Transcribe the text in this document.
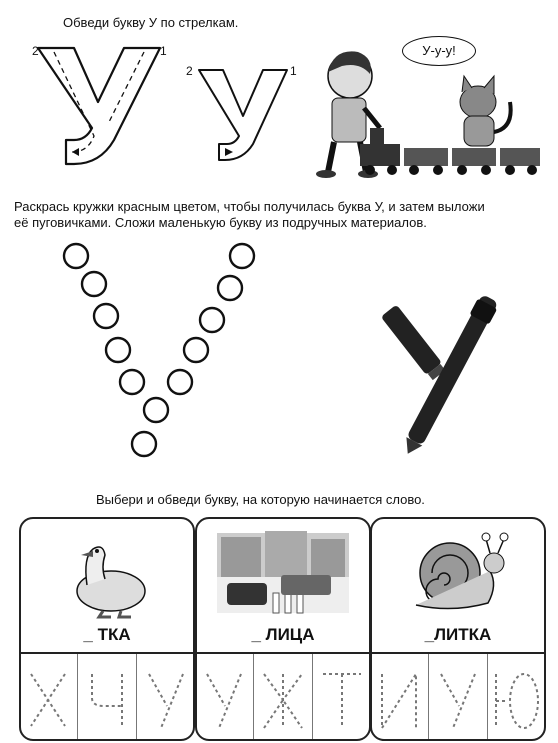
Обведи букву У по стрелкам.
2	1
2	1
У-у-у!
Раскрась кружки красным цветом, чтобы получилась буква У, и затем выложи
её пуговичками. Сложи маленькую букву из подручных материалов.
Выбери и обведи букву, на которую начинается слово.
_ ТКА	_ ЛИЦА	_ЛИТКА
